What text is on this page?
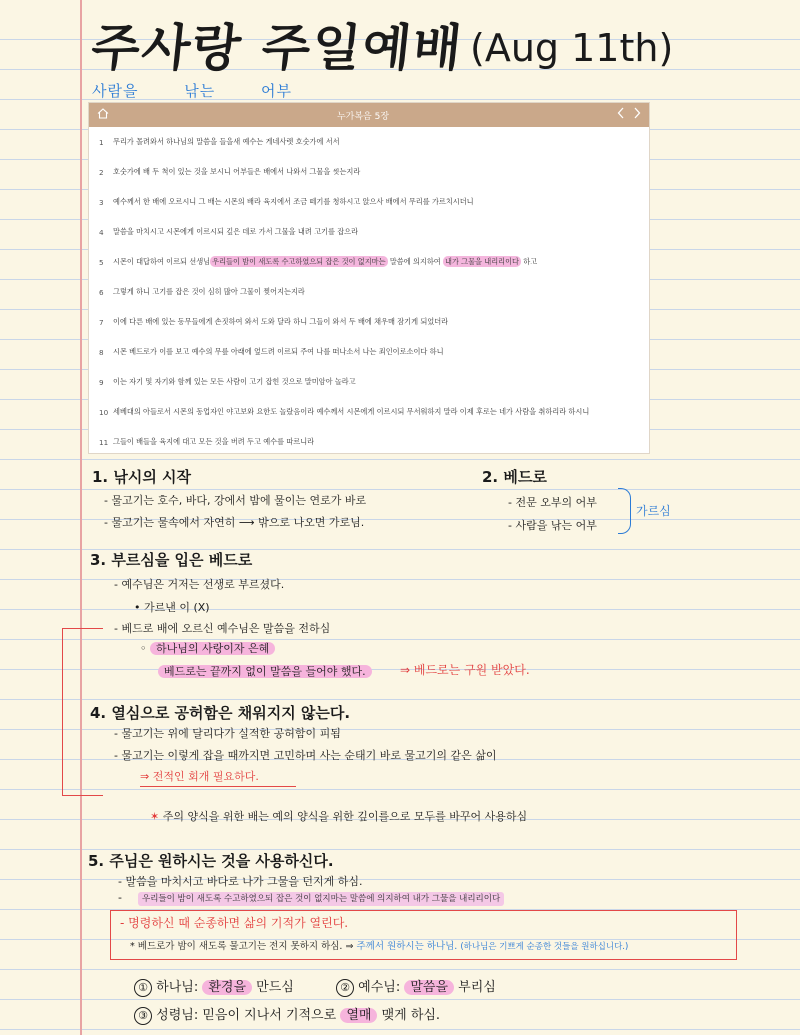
주사랑 주일예배 (Aug 11th)
사람을	낚는	어부
누가복음 5장
1	무리가 몰려와서 하나님의 말씀을 들을새 예수는 게네사렛 호숫가에 서서
2	호숫가에 배 두 척이 있는 것을 보시니 어부들은 배에서 나와서 그물을 씻는지라
3	예수께서 한 배에 오르시니 그 배는 시몬의 배라 육지에서 조금 떼기를 청하시고 앉으사 배에서 무리를 가르치시더니
4	말씀을 마치시고 시몬에게 이르시되 깊은 데로 가서 그물을 내려 고기를 잡으라
5	시몬이 대답하여 이르되 선생님 우리들이 밤이 새도록 수고하였으되 잡은 것이 없지마는 말씀에 의지하여 내가 그물을 내리리이다 하고
6	그렇게 하니 고기를 잡은 것이 심히 많아 그물이 찢어지는지라
7	이에 다른 배에 있는 동무들에게 손짓하여 와서 도와 달라 하니 그들이 와서 두 배에 채우매 잠기게 되었더라
8	시몬 베드로가 이를 보고 예수의 무릎 아래에 엎드려 이르되 주여 나를 떠나소서 나는 죄인이로소이다 하니
9	이는 자기 및 자기와 함께 있는 모든 사람이 고기 잡힌 것으로 말미암아 놀라고
10 세베대의 아들로서 시몬의 동업자인 야고보와 요한도 놀랐음이라 예수께서 시몬에게 이르시되 무서워하지 말라 이제 후로는 네가 사람을 취하리라 하시니
11 그들이 배들을 육지에 대고 모든 것을 버려 두고 예수를 따르니라
1. 낚시의 시작
- 물고기는 호수, 바다, 강에서 밤에 물이는 연로가 바로
- 물고기는 물속에서 자연히 ⟶ 밖으로 나오면 가로님.
2. 베드로
- 전문 오부의 어부
- 사람을 낚는 어부
가르심
3. 부르심을 입은 베드로
- 예수님은 거저는 선생로 부르셨다.
• 가르낸 이 (X)
- 베드로 배에 오르신 예수님은 말씀을 전하심
◦ 하나님의 사랑이자 은혜
베드로는 끝까지 없이 말씀을 들어야 했다.	⇒ 베드로는 구원 받았다.
4. 열심으로 공허함은 채워지지 않는다.
- 물고기는 위에 달리다가 실적한 공허함이 피됨
- 물고기는 이렇게 잡을 때까지면 고민하며 사는 순태기 바로 물고기의 같은 삶이
⇒ 전적인 회개 필요하다.
✶ 주의 양식을 위한 배는 예의 양식을 위한 깊이를으로 모두를 바꾸어 사용하심
5. 주님은 원하시는 것을 사용하신다.
- 말씀을 마치시고 바다로 나가 그물을 던지게 하심.
-	우리들이 밤이 새도록 수고하였으되 잡은 것이 없지마는 말씀에 의지하여 내가 그물을 내리리이다
- 명령하신 때 순종하면 삶의 기적가 열린다.
* 베드로가 밤이 새도록 물고기는 전지 못하지 하심. ⇒ 주께서 원하시는 하나님. (하나님은 기쁘게 순종한 것들을 원하십니다.)
① 하나님: 환경을 만드심	② 예수님: 말씀을 부리심
③ 성령님: 믿음이 지나서 기적으로 열매 맺게 하심.
